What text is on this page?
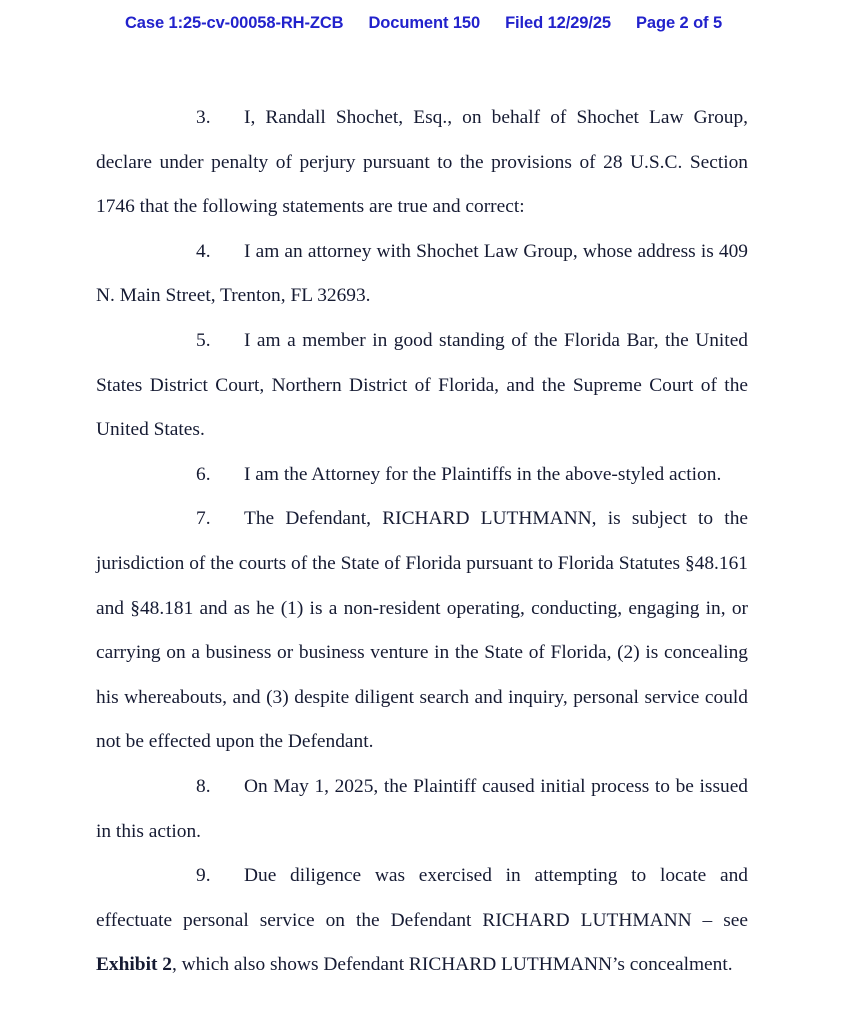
Case 1:25-cv-00058-RH-ZCB Document 150 Filed 12/29/25 Page 2 of 5

3. I, Randall Shochet, Esq., on behalf of Shochet Law Group, declare under penalty of perjury pursuant to the provisions of 28 U.S.C. Section 1746 that the following statements are true and correct:

4. I am an attorney with Shochet Law Group, whose address is 409 N. Main Street, Trenton, FL 32693.

5. I am a member in good standing of the Florida Bar, the United States District Court, Northern District of Florida, and the Supreme Court of the United States.

6. I am the Attorney for the Plaintiffs in the above-styled action.

7. The Defendant, RICHARD LUTHMANN, is subject to the jurisdiction of the courts of the State of Florida pursuant to Florida Statutes §48.161 and §48.181 and as he (1) is a non-resident operating, conducting, engaging in, or carrying on a business or business venture in the State of Florida, (2) is concealing his whereabouts, and (3) despite diligent search and inquiry, personal service could not be effected upon the Defendant.

8. On May 1, 2025, the Plaintiff caused initial process to be issued in this action.

9. Due diligence was exercised in attempting to locate and effectuate personal service on the Defendant RICHARD LUTHMANN – see Exhibit 2, which also shows Defendant RICHARD LUTHMANN’s concealment.
